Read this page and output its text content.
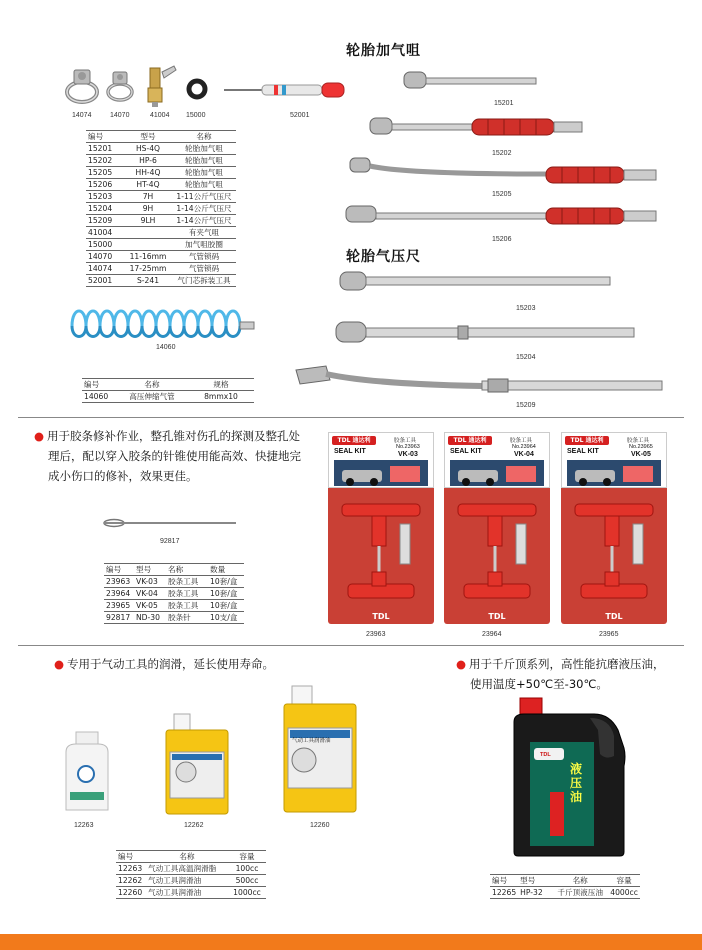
轮胎加气咀
14074	14070	41004 15000	52001
编号	型号	名称
15201	HS-4Q	轮胎加气咀
15202	HP-6	轮胎加气咀
15205	HH-4Q	轮胎加气咀
15206	HT-4Q	轮胎加气咀
15203	7H	1-11公斤气压尺
15204	9H	1-14公斤气压尺
15209	9LH	1-14公斤气压尺
41004		有夹气咀
15000		加气咀胶圈
14070	11-16mm	气管锁码
14074	17-25mm	气管锁码
52001	S-241	气门芯拆装工具
15201
15202
15205
15206
轮胎气压尺
15203
15204
15209
14060
编号	名称	规格
14060	高压伸缩气管	8mmx10
● 用于胶条修补作业，整孔锥对伤孔的探测及整孔处
理后，配以穿入胶条的针锥使用能高效、快捷地完
成小伤口的修补，效果更佳。
92817
编号	型号	名称	数量
23963	VK-03	胶条工具	10套/盒
23964	VK-04	胶条工具	10套/盒
23965	VK-05	胶条工具	10套/盒
92817	ND-30	胶条针	10支/盒
TDL 通达利	胶条工具
No.23963
SEAL KIT	VK-03
TDL
23963
TDL 通达利	胶条工具
No.23964
SEAL KIT	VK-04
TDL
23964
TDL 通达利	胶条工具
No.23965
SEAL KIT	VK-05
TDL
23965
● 专用于气动工具的润滑，延长使用寿命。
12263	12262
气动工具润滑油
12260
编号	名称	容量
12263	气动工具高温润滑脂	100cc
12262	气动工具润滑油	500cc
12260	气动工具润滑油	1000cc
● 用于千斤顶系列，高性能抗磨液压油，
使用温度+50℃至-30℃。
TDL
液压油
编号	型号	名称	容量
12265	HP-32	千斤顶液压油	4000cc
